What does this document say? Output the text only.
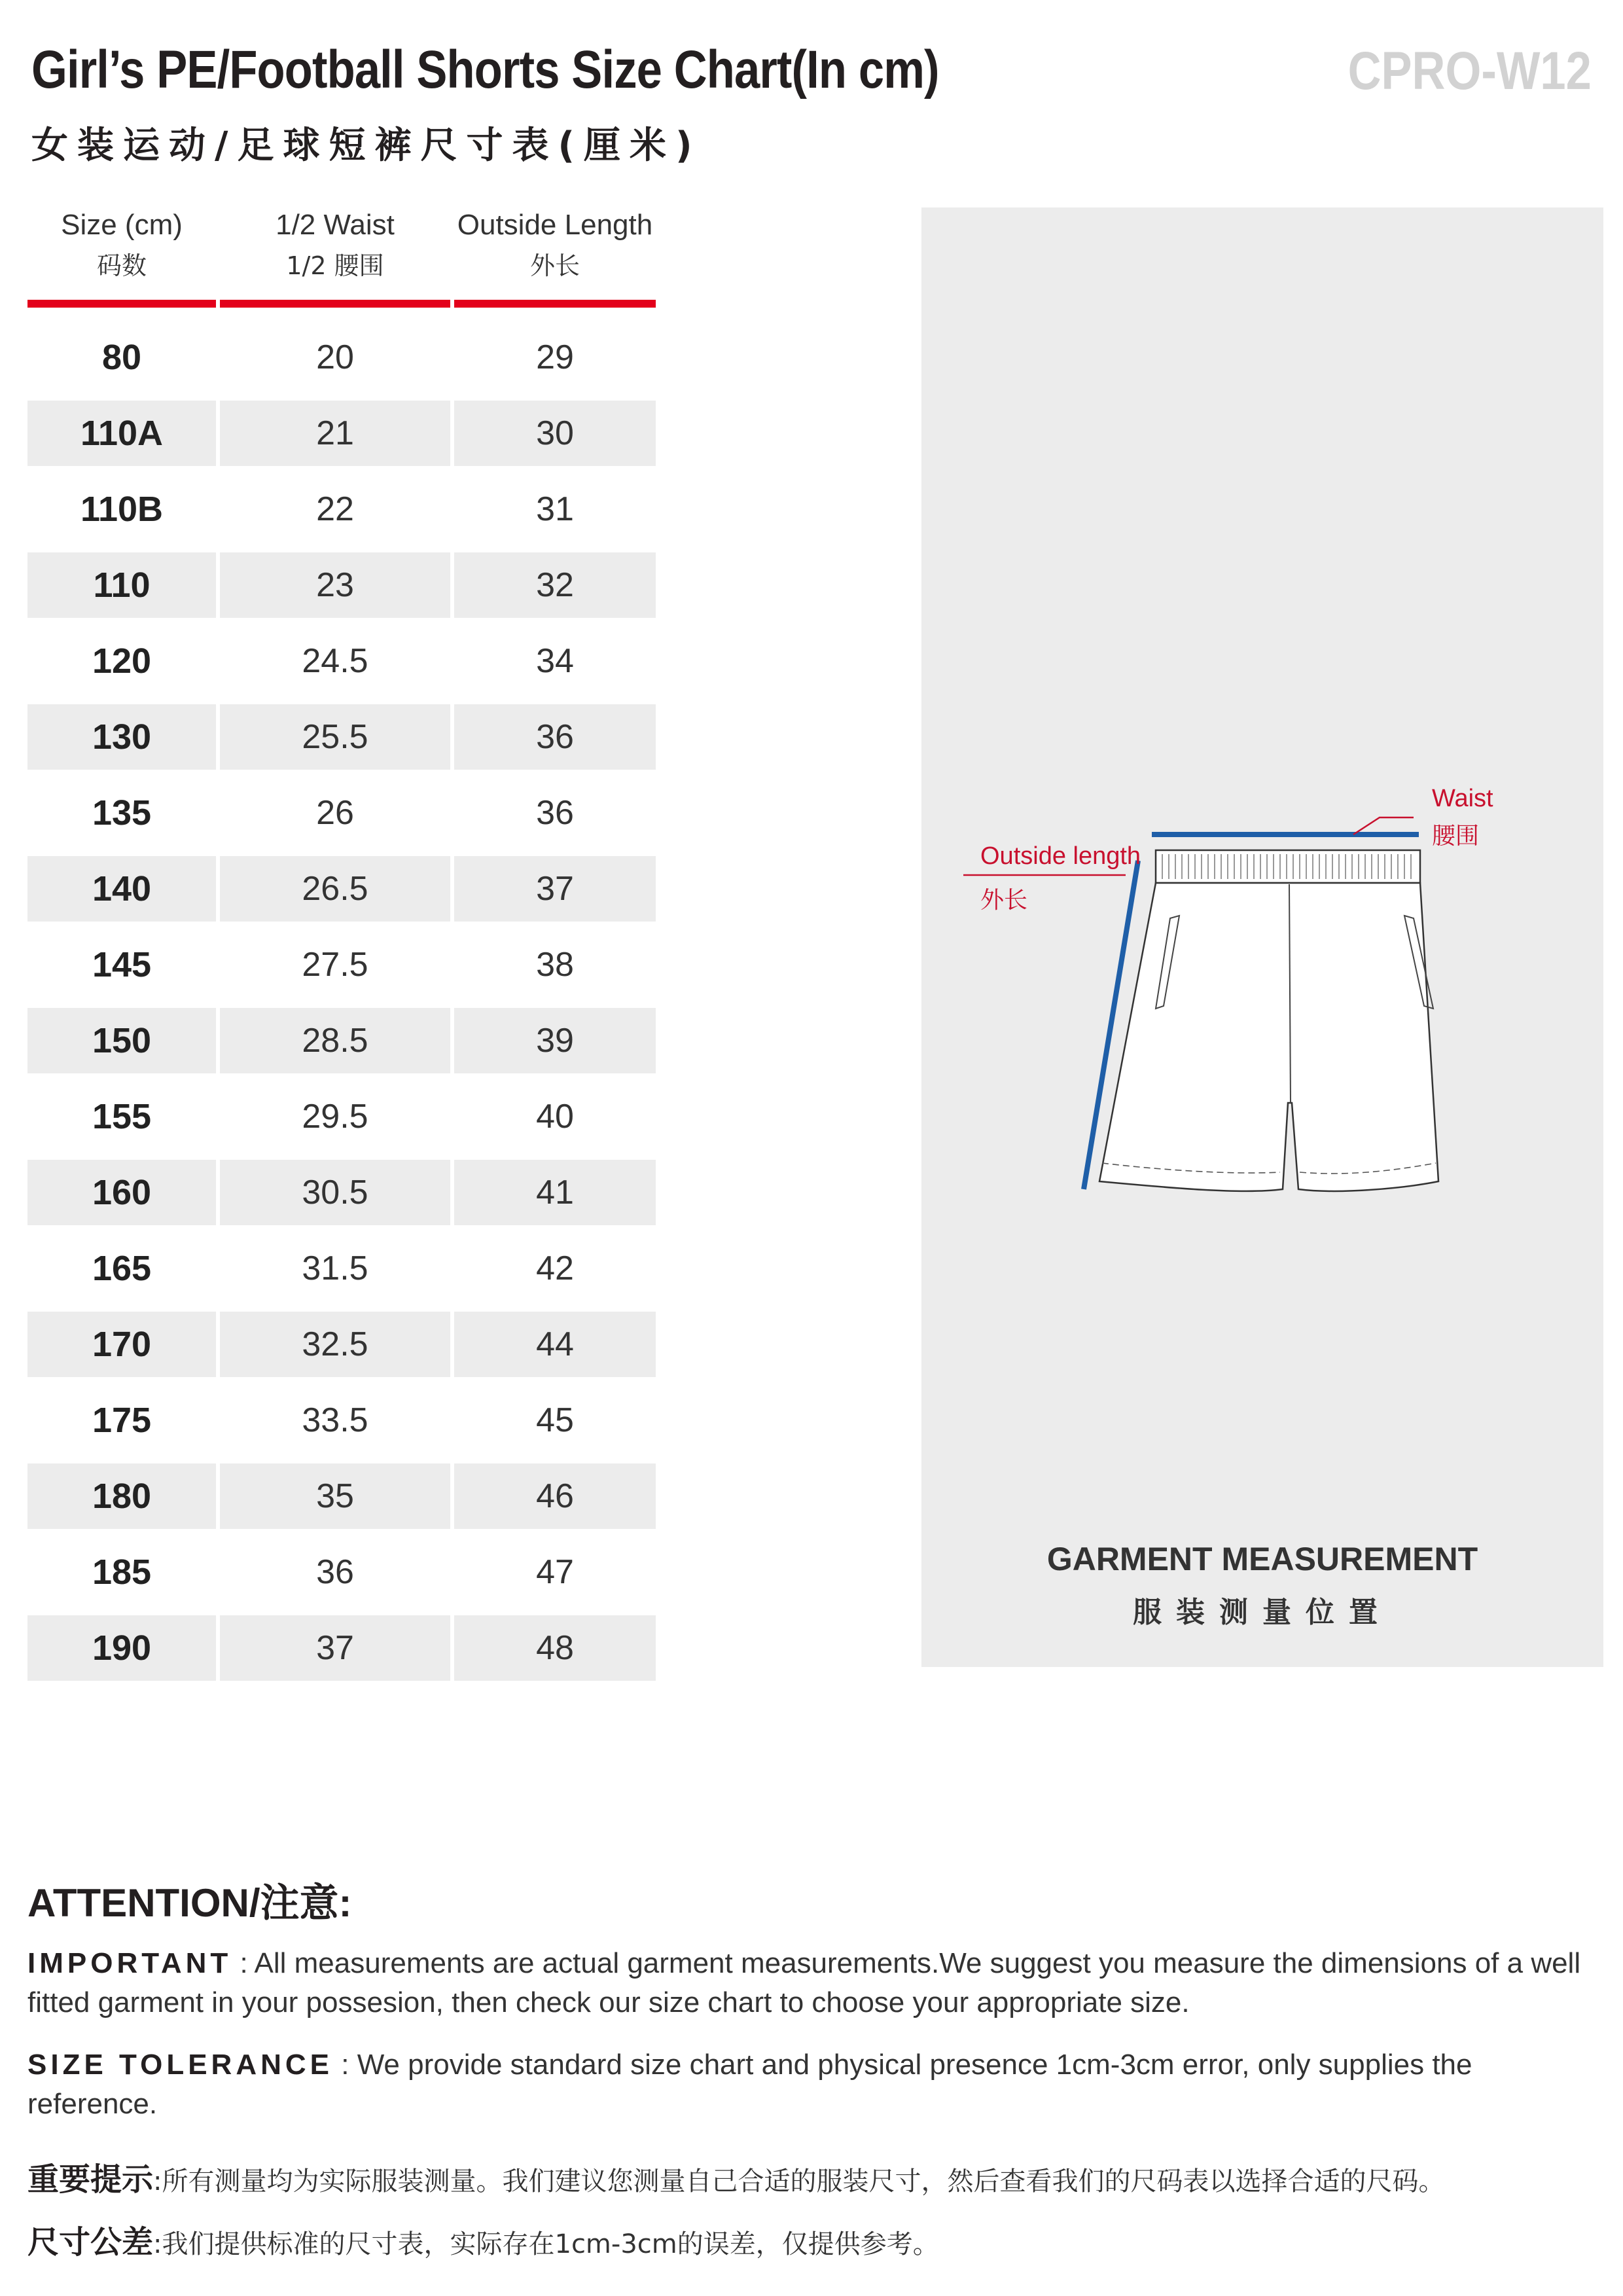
Girl’s PE/Football Shorts Size Chart(In cm)
女装运动/足球短裤尺寸表(厘米)
CPRO-W12
Size (cm)
码数
1/2 Waist
1/2 腰围
Outside Length
外长
80	20	29
110A	21	30
110B	22	31
110	23	32
120	24.5	34
130	25.5	36
135	26	36
140	26.5	37
145	27.5	38
150	28.5	39
155	29.5	40
160	30.5	41
165	31.5	42
170	32.5	44
175	33.5	45
180	35	46
185	36	47
190	37	48
Waist
腰围
Outside length
外长
GARMENT MEASUREMENT
服装测量位置
ATTENTION/注意:
IMPORTANT : All measurements are actual garment measurements.We suggest you measure the dimensions of a well fitted garment in your possesion, then check our size chart to choose your appropriate size.
SIZE TOLERANCE : We provide standard size chart and physical presence 1cm-3cm error, only supplies the reference.
重要提示:所有测量均为实际服装测量。我们建议您测量自己合适的服装尺寸，然后查看我们的尺码表以选择合适的尺码。
尺寸公差:我们提供标准的尺寸表，实际存在1cm-3cm的误差，仅提供参考。
